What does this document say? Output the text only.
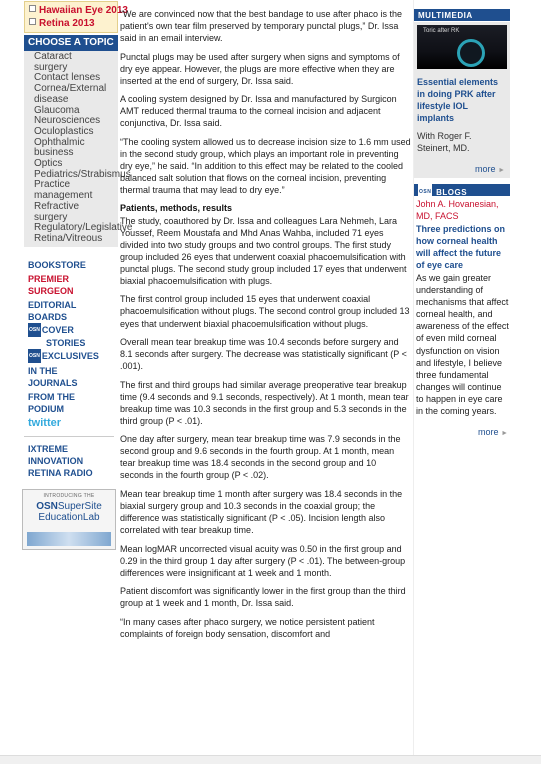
Hawaiian Eye 2013
Retina 2013
CHOOSE A TOPIC
Cataract
surgery
Contact lenses
Cornea/External
disease
Glaucoma
Neurosciences
Oculoplastics
Ophthalmic
business
Optics
Pediatrics/Strabismus
Practice
management
Refractive
surgery
Regulatory/Legislative
Retina/Vitreous
BOOKSTORE
PREMIER
SURGEON
EDITORIAL
BOARDS
OSN COVER
STORIES
OSN EXCLUSIVES
IN THE
JOURNALS
FROM THE
PODIUM
twitter
IXTREME
INNOVATION
RETINA RADIO
INTRODUCING THE
OSNSuperSite
EducationLab

“We are convinced now that the best bandage to use after phaco is the patient's own tear film preserved by temporary punctal plugs,” Dr. Issa said in an email interview.

Punctal plugs may be used after surgery when signs and symptoms of dry eye appear. However, the plugs are more effective when they are inserted at the end of surgery, Dr. Issa said.

A cooling system designed by Dr. Issa and manufactured by Surgicon AMT reduced thermal trauma to the corneal incision and adjacent conjunctiva, Dr. Issa said.

“The cooling system allowed us to decrease incision size to 1.6 mm used in the second study group, which plays an important role in preventing dry eye,” he said. “In addition to this effect may be related to the cooled balanced salt solution that flows on the corneal incision, preventing thermal trauma that may lead to dry eye.”

Patients, methods, results

The study, coauthored by Dr. Issa and colleagues Lara Nehmeh, Lara Youssef, Reem Moustafa and Mhd Anas Wahba, included 71 eyes divided into two study groups and two control groups. The first study group included 26 eyes that underwent coaxial phacoemulsification with punctal plugs. The second study group included 17 eyes that underwent biaxial phacoemulsification with plugs.

The first control group included 15 eyes that underwent coaxial phacoemulsification without plugs. The second control group included 13 eyes that underwent biaxial phacoemulsification without plugs.

Overall mean tear breakup time was 10.4 seconds before surgery and 8.1 seconds after surgery. The decrease was statistically significant (P < .001).

The first and third groups had similar average preoperative tear breakup time (9.4 seconds and 9.1 seconds, respectively). At 1 month, mean tear breakup time was 10.3 seconds in the first group and 5.3 seconds in the third group (P < .01).

One day after surgery, mean tear breakup time was 7.9 seconds in the second group and 9.6 seconds in the fourth group. At 1 month, mean tear breakup time was 18.4 seconds in the second group and 10 seconds in the fourth group (P < .02).

Mean tear breakup time 1 month after surgery was 18.4 seconds in the biaxial surgery group and 10.3 seconds in the coaxial group; the difference was statistically significant (P < .05). Incision length also correlated with tear breakup time.

Mean logMAR uncorrected visual acuity was 0.50 in the first group and 0.29 in the third group 1 day after surgery (P < .01). The between-group differences were insignificant at 1 week and 1 month.

Patient discomfort was significantly lower in the first group than the third group at 1 week and 1 month, Dr. Issa said.

“In many cases after phaco surgery, we notice persistent patient complaints of foreign body sensation, discomfort and

MULTIMEDIA
Toric after RK
Essential elements in doing PRK after lifestyle IOL implants
With Roger F. Steinert, MD.
more ►
OSN BLOGS
John A. Hovanesian, MD, FACS
Three predictions on how corneal health will affect the future of eye care
As we gain greater understanding of mechanisms that affect corneal health, and awareness of the effect of even mild corneal dysfunction on vision and lifestyle, I believe three fundamental changes will continue to happen in eye care in the coming years.
more ►
